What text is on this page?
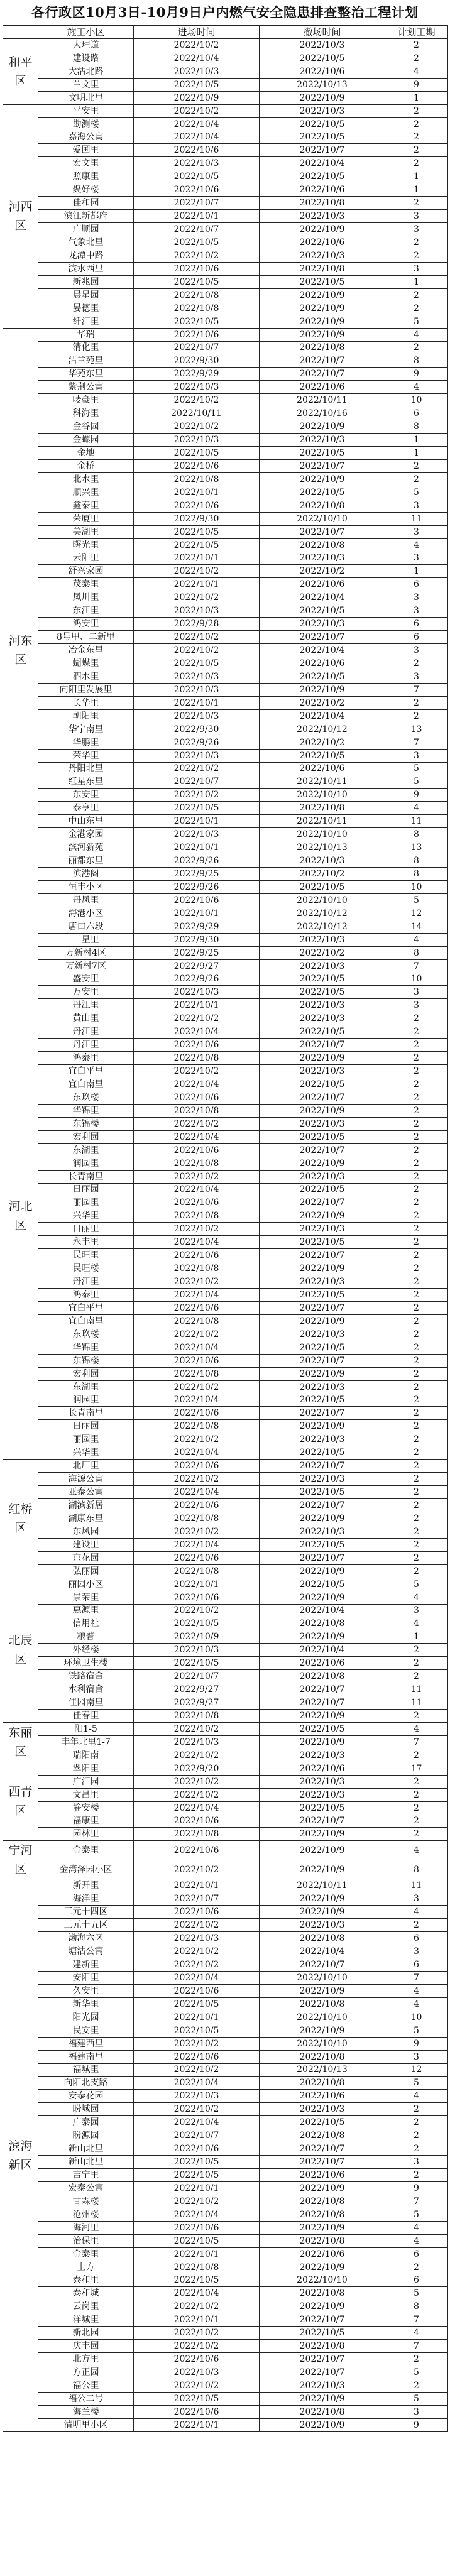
各行政区10月3日-10月9日户内燃气安全隐患排查整治工程计划
	施工小区	进场时间	撤场时间	计划工期
和平区	大理道	2022/10/2	2022/10/3	2
	建设路	2022/10/4	2022/10/5	2
	大沽北路	2022/10/3	2022/10/6	4
	兰文里	2022/10/5	2022/10/13	9
	文明北里	2022/10/9	2022/10/9	1
河西区	平安里	2022/10/2	2022/10/3	2
	勘测楼	2022/10/4	2022/10/5	2
	嘉海公寓	2022/10/4	2022/10/5	2
	爱国里	2022/10/6	2022/10/7	2
	宏文里	2022/10/3	2022/10/4	2
	照康里	2022/10/5	2022/10/5	1
	聚好楼	2022/10/6	2022/10/6	1
	佳和园	2022/10/7	2022/10/8	2
	滨江新都府	2022/10/1	2022/10/3	3
	广顺园	2022/10/7	2022/10/9	3
	气象北里	2022/10/5	2022/10/6	2
	龙潭中路	2022/10/2	2022/10/3	2
	滨水西里	2022/10/6	2022/10/8	3
	新兆园	2022/10/5	2022/10/5	1
	晨星园	2022/10/8	2022/10/9	2
	晏德里	2022/10/8	2022/10/9	2
	纤汇里	2022/10/5	2022/10/9	5
河东区	华瑞	2022/10/6	2022/10/9	4
	清化里	2022/10/7	2022/10/8	2
	洁兰苑里	2022/9/30	2022/10/7	8
	华苑东里	2022/9/29	2022/10/7	9
	紫荆公寓	2022/10/3	2022/10/6	4
	唛豪里	2022/10/2	2022/10/11	10
	科海里	2022/10/11	2022/10/16	6
	金谷园	2022/10/2	2022/10/9	8
	金螺园	2022/10/3	2022/10/3	1
	金地	2022/10/5	2022/10/5	1
	金桥	2022/10/6	2022/10/7	2
	北水里	2022/10/8	2022/10/9	2
	顺兴里	2022/10/1	2022/10/5	5
	鑫泰里	2022/10/6	2022/10/8	3
	荣厦里	2022/9/30	2022/10/10	11
	美湖里	2022/10/5	2022/10/7	3
	曙光里	2022/10/5	2022/10/8	4
	云阳里	2022/10/1	2022/10/3	3
	舒兴家园	2022/10/2	2022/10/2	1
	茂泰里	2022/10/1	2022/10/6	6
	凤川里	2022/10/2	2022/10/4	3
	东江里	2022/10/3	2022/10/5	3
	鸿安里	2022/9/28	2022/10/3	6
	8号甲、二新里	2022/10/2	2022/10/7	6
	冶金东里	2022/10/2	2022/10/4	3
	蝴蝶里	2022/10/5	2022/10/6	2
	泗水里	2022/10/3	2022/10/5	3
	向阳里发展里	2022/10/3	2022/10/9	7
	长华里	2022/10/1	2022/10/2	2
	朝阳里	2022/10/3	2022/10/4	2
	华宁南里	2022/9/30	2022/10/12	13
	华鹏里	2022/9/26	2022/10/2	7
	荣华里	2022/10/3	2022/10/5	3
	丹阳北里	2022/10/2	2022/10/6	5
	红星东里	2022/10/7	2022/10/11	5
	东安里	2022/10/2	2022/10/10	9
	泰亨里	2022/10/5	2022/10/8	4
	中山东里	2022/10/1	2022/10/11	11
	金港家园	2022/10/3	2022/10/10	8
	滨河新苑	2022/10/1	2022/10/13	13
	丽都东里	2022/9/26	2022/10/3	8
	滨港阁	2022/9/25	2022/10/2	8
	恒丰小区	2022/9/26	2022/10/5	10
	丹凤里	2022/10/6	2022/10/10	5
	海港小区	2022/10/1	2022/10/12	12
	唐口六段	2022/9/29	2022/10/12	14
	三星里	2022/9/30	2022/10/3	4
	万新村4区	2022/9/25	2022/10/2	8
	万新村7区	2022/9/27	2022/10/3	7
河北区	盛安里	2022/9/26	2022/10/5	10
	万安里	2022/10/3	2022/10/5	3
	丹江里	2022/10/1	2022/10/3	3
	黄山里	2022/10/2	2022/10/3	2
	丹江里	2022/10/4	2022/10/5	2
	丹江里	2022/10/6	2022/10/7	2
	鸿泰里	2022/10/8	2022/10/9	2
	宜白平里	2022/10/2	2022/10/3	2
	宜白南里	2022/10/4	2022/10/5	2
	东玖楼	2022/10/6	2022/10/7	2
	华锦里	2022/10/8	2022/10/9	2
	东锦楼	2022/10/2	2022/10/3	2
	宏利园	2022/10/4	2022/10/5	2
	东湖里	2022/10/6	2022/10/7	2
	润园里	2022/10/8	2022/10/9	2
	长青南里	2022/10/2	2022/10/3	2
	日丽园	2022/10/4	2022/10/5	2
	丽园里	2022/10/6	2022/10/7	2
	兴华里	2022/10/8	2022/10/9	2
	日丽里	2022/10/2	2022/10/3	2
	永丰里	2022/10/4	2022/10/5	2
	民旺里	2022/10/6	2022/10/7	2
	民旺楼	2022/10/8	2022/10/9	2
	丹江里	2022/10/2	2022/10/3	2
	鸿泰里	2022/10/4	2022/10/5	2
	宜白平里	2022/10/6	2022/10/7	2
	宜白南里	2022/10/8	2022/10/9	2
	东玖楼	2022/10/2	2022/10/3	2
	华锦里	2022/10/4	2022/10/5	2
	东锦楼	2022/10/6	2022/10/7	2
	宏利园	2022/10/8	2022/10/9	2
	东湖里	2022/10/2	2022/10/3	2
	润园里	2022/10/4	2022/10/5	2
	长青南里	2022/10/6	2022/10/7	2
	日丽园	2022/10/8	2022/10/9	2
	丽园里	2022/10/2	2022/10/3	2
	兴华里	2022/10/4	2022/10/5	2
红桥区	北厂里	2022/10/6	2022/10/7	2
	海源公寓	2022/10/2	2022/10/3	2
	亚泰公寓	2022/10/4	2022/10/5	2
	湖滨新居	2022/10/6	2022/10/7	2
	湖康东里	2022/10/8	2022/10/9	2
	东风园	2022/10/2	2022/10/3	2
	建设里	2022/10/4	2022/10/5	2
	京花园	2022/10/6	2022/10/7	2
	弘丽园	2022/10/8	2022/10/9	2
北辰区	丽园小区	2022/10/1	2022/10/5	5
	景荣里	2022/10/6	2022/10/9	4
	惠源里	2022/10/2	2022/10/4	3
	信用社	2022/10/5	2022/10/8	4
	粮普	2022/10/9	2022/10/9	1
	外经楼	2022/10/3	2022/10/4	2
	环境卫生楼	2022/10/5	2022/10/6	2
	铁路宿舍	2022/10/7	2022/10/8	2
	水利宿舍	2022/9/27	2022/10/7	11
	佳园南里	2022/9/27	2022/10/7	11
	佳春里	2022/10/8	2022/10/9	2
东丽区	阳1-5	2022/10/2	2022/10/5	4
	丰年北里1-7	2022/10/3	2022/10/9	7
	瑞阳南	2022/10/2	2022/10/3	2
西青区	翠阳里	2022/9/20	2022/10/6	17
	广汇园	2022/10/2	2022/10/3	2
	文昌里	2022/10/2	2022/10/3	2
	静安楼	2022/10/4	2022/10/5	2
	福康里	2022/10/6	2022/10/7	2
	园林里	2022/10/8	2022/10/9	2
宁河区	金泰里	2022/10/6	2022/10/9	4
	金湾泽园小区	2022/10/2	2022/10/9	8
滨海新区	新开里	2022/10/1	2022/10/11	11
	海洋里	2022/10/7	2022/10/9	3
	三元十四区	2022/10/6	2022/10/9	4
	三元十五区	2022/10/2	2022/10/3	2
	渤海六区	2022/10/3	2022/10/8	6
	塘沽公寓	2022/10/2	2022/10/4	3
	建新里	2022/10/2	2022/10/7	6
	安阳里	2022/10/4	2022/10/10	7
	久安里	2022/10/6	2022/10/9	4
	新华里	2022/10/5	2022/10/8	4
	阳光园	2022/10/1	2022/10/10	10
	民安里	2022/10/5	2022/10/9	5
	福建西里	2022/10/2	2022/10/10	9
	福建南里	2022/10/6	2022/10/8	3
	福城里	2022/10/2	2022/10/13	12
	向阳北支路	2022/10/4	2022/10/8	5
	安泰花园	2022/10/3	2022/10/6	4
	盼城园	2022/10/2	2022/10/3	2
	广泰园	2022/10/4	2022/10/5	2
	盼源园	2022/10/7	2022/10/8	2
	新山北里	2022/10/6	2022/10/7	2
	新山北里	2022/10/5	2022/10/7	3
	吉宁里	2022/10/5	2022/10/6	2
	宏泰公寓	2022/10/1	2022/10/9	9
	甘霖楼	2022/10/2	2022/10/8	7
	沧州楼	2022/10/4	2022/10/8	5
	海河里	2022/10/6	2022/10/9	4
	治保里	2022/10/5	2022/10/8	4
	金泰里	2022/10/1	2022/10/6	6
	上方	2022/10/8	2022/10/9	2
	泰和里	2022/10/5	2022/10/10	6
	泰和城	2022/10/4	2022/10/8	5
	云岗里	2022/10/2	2022/10/9	8
	洋城里	2022/10/1	2022/10/7	7
	新北园	2022/10/2	2022/10/5	4
	庆丰园	2022/10/2	2022/10/8	7
	北方里	2022/10/6	2022/10/7	2
	方正园	2022/10/3	2022/10/7	5
	福公里	2022/10/2	2022/10/3	2
	福公二号	2022/10/5	2022/10/9	5
	海兰楼	2022/10/6	2022/10/8	3
	清明里小区	2022/10/1	2022/10/9	9
